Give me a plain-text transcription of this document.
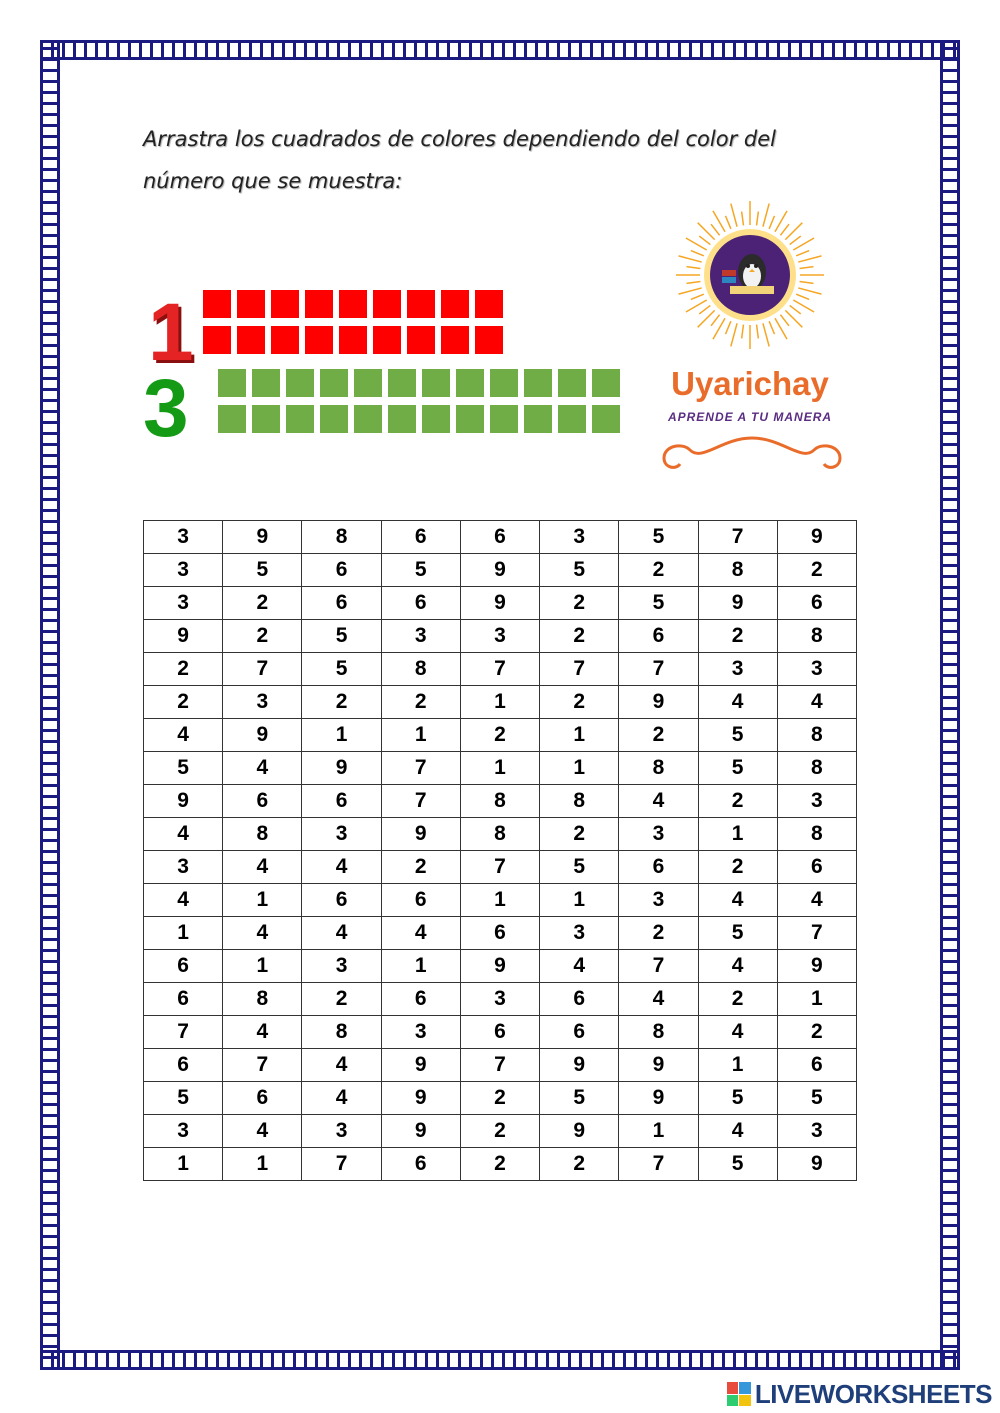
Arrastra los cuadrados de colores dependiendo del color del
número que se muestra:
1
3	Uyarichay
APRENDE A TU MANERA
3	9	8	6	6	3	5	7	9
3	5	6	5	9	5	2	8	2
3	2	6	6	9	2	5	9	6
9	2	5	3	3	2	6	2	8
2	7	5	8	7	7	7	3	3
2	3	2	2	1	2	9	4	4
4	9	1	1	2	1	2	5	8
5	4	9	7	1	1	8	5	8
9	6	6	7	8	8	4	2	3
4	8	3	9	8	2	3	1	8
3	4	4	2	7	5	6	2	6
4	1	6	6	1	1	3	4	4
1	4	4	4	6	3	2	5	7
6	1	3	1	9	4	7	4	9
6	8	2	6	3	6	4	2	1
7	4	8	3	6	6	8	4	2
6	7	4	9	7	9	9	1	6
5	6	4	9	2	5	9	5	5
3	4	3	9	2	9	1	4	3
1	1	7	6	2	2	7	5	9
LIVEWORKSHEETS
